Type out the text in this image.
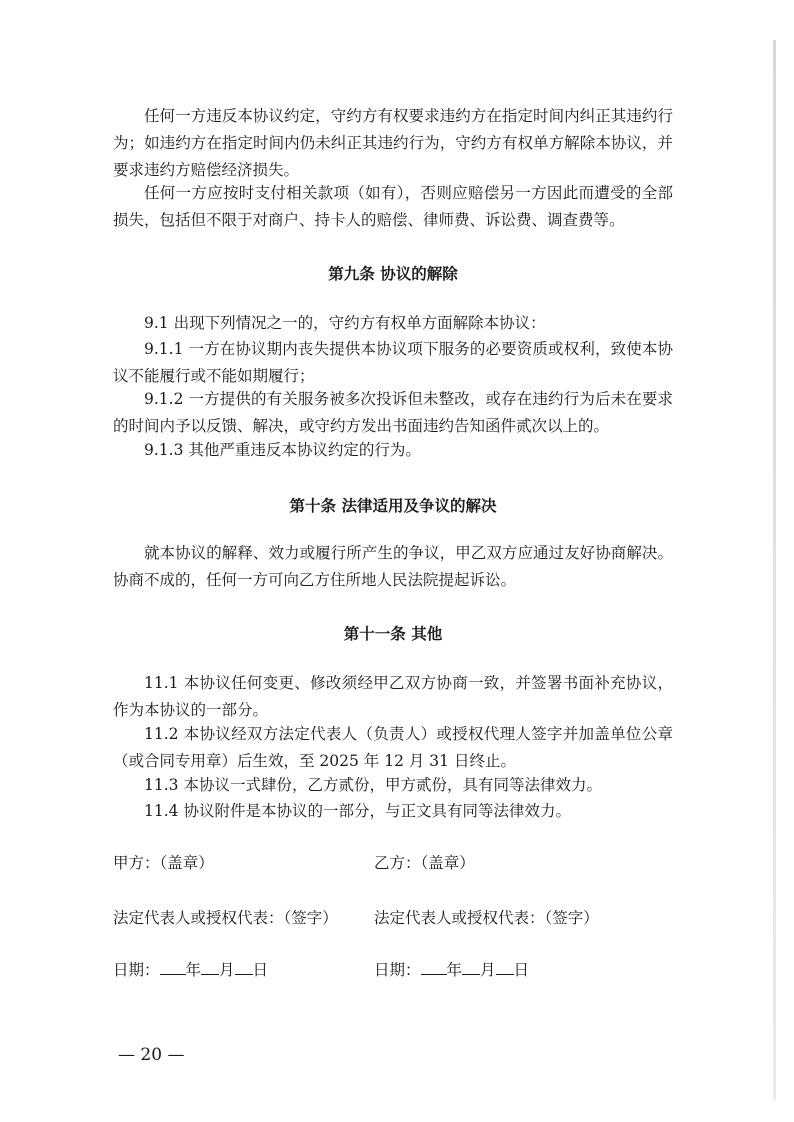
任何一方违反本协议约定，守约方有权要求违约方在指定时间内纠正其违约行为；如违约方在指定时间内仍未纠正其违约行为，守约方有权单方解除本协议，并要求违约方赔偿经济损失。

任何一方应按时支付相关款项（如有），否则应赔偿另一方因此而遭受的全部损失，包括但不限于对商户、持卡人的赔偿、律师费、诉讼费、调查费等。

第九条 协议的解除

9.1 出现下列情况之一的，守约方有权单方面解除本协议：

9.1.1 一方在协议期内丧失提供本协议项下服务的必要资质或权利，致使本协议不能履行或不能如期履行；

9.1.2 一方提供的有关服务被多次投诉但未整改，或存在违约行为后未在要求的时间内予以反馈、解决，或守约方发出书面违约告知函件贰次以上的。

9.1.3 其他严重违反本协议约定的行为。

第十条 法律适用及争议的解决

就本协议的解释、效力或履行所产生的争议，甲乙双方应通过友好协商解决。协商不成的，任何一方可向乙方住所地人民法院提起诉讼。

第十一条 其他

11.1 本协议任何变更、修改须经甲乙双方协商一致，并签署书面补充协议，作为本协议的一部分。

11.2 本协议经双方法定代表人（负责人）或授权代理人签字并加盖单位公章（或合同专用章）后生效，至 2025 年 12 月 31 日终止。

11.3 本协议一式肆份，乙方贰份，甲方贰份，具有同等法律效力。

11.4 协议附件是本协议的一部分，与正文具有同等法律效力。

甲方：（盖章）	乙方：（盖章）

法定代表人或授权代表：（签字） 法定代表人或授权代表：（签字）

日期： 年 月 日	日期： 年 月 日

— 20 —
